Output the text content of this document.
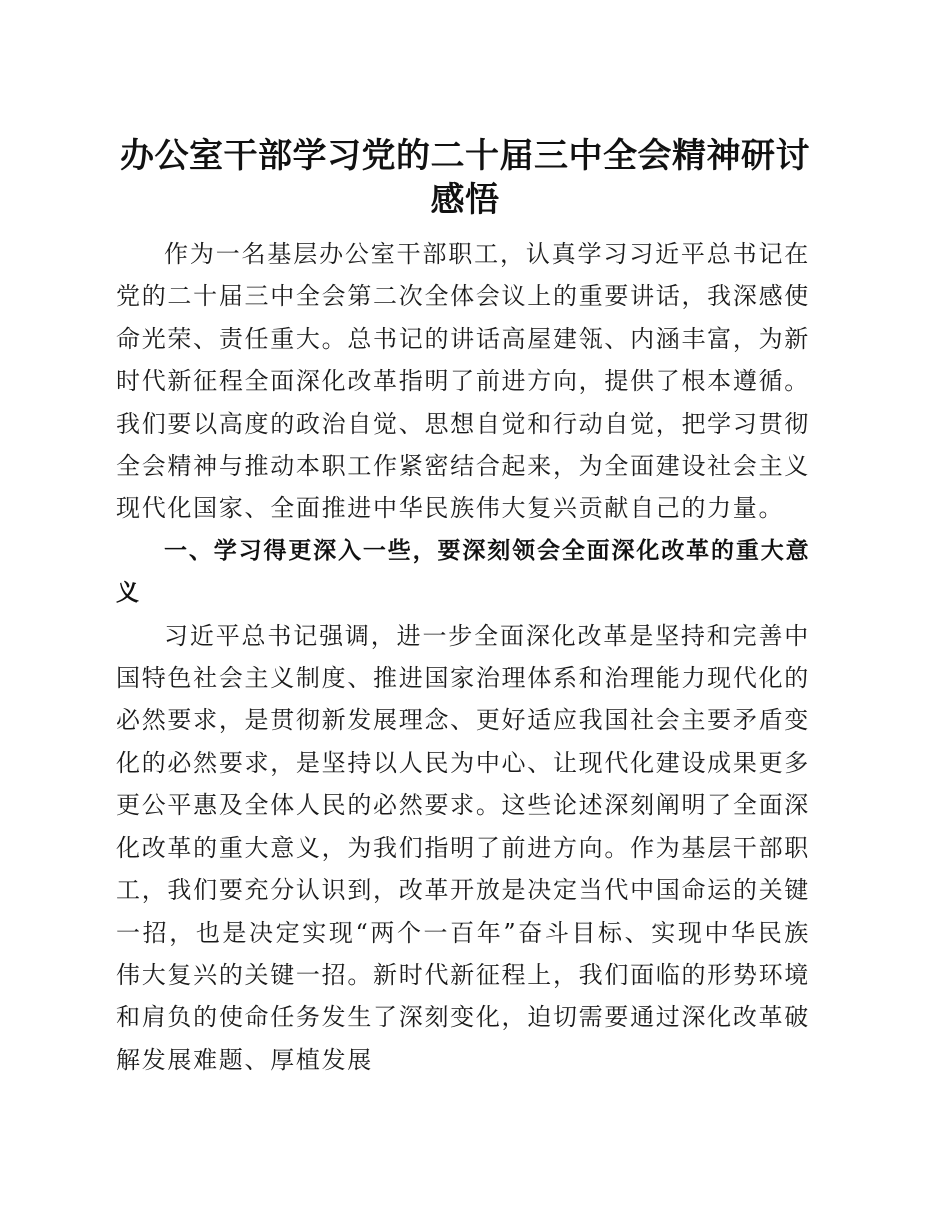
办公室干部学习党的二十届三中全会精神研讨感悟

作为一名基层办公室干部职工，认真学习习近平总书记在党的二十届三中全会第二次全体会议上的重要讲话，我深感使命光荣、责任重大。总书记的讲话高屋建瓴、内涵丰富，为新时代新征程全面深化改革指明了前进方向，提供了根本遵循。我们要以高度的政治自觉、思想自觉和行动自觉，把学习贯彻全会精神与推动本职工作紧密结合起来，为全面建设社会主义现代化国家、全面推进中华民族伟大复兴贡献自己的力量。

一、学习得更深入一些，要深刻领会全面深化改革的重大意义

习近平总书记强调，进一步全面深化改革是坚持和完善中国特色社会主义制度、推进国家治理体系和治理能力现代化的必然要求，是贯彻新发展理念、更好适应我国社会主要矛盾变化的必然要求，是坚持以人民为中心、让现代化建设成果更多更公平惠及全体人民的必然要求。这些论述深刻阐明了全面深化改革的重大意义，为我们指明了前进方向。作为基层干部职工，我们要充分认识到，改革开放是决定当代中国命运的关键一招，也是决定实现“两个一百年”奋斗目标、实现中华民族伟大复兴的关键一招。新时代新征程上，我们面临的形势环境和肩负的使命任务发生了深刻变化，迫切需要通过深化改革破解发展难题、厚植发展
